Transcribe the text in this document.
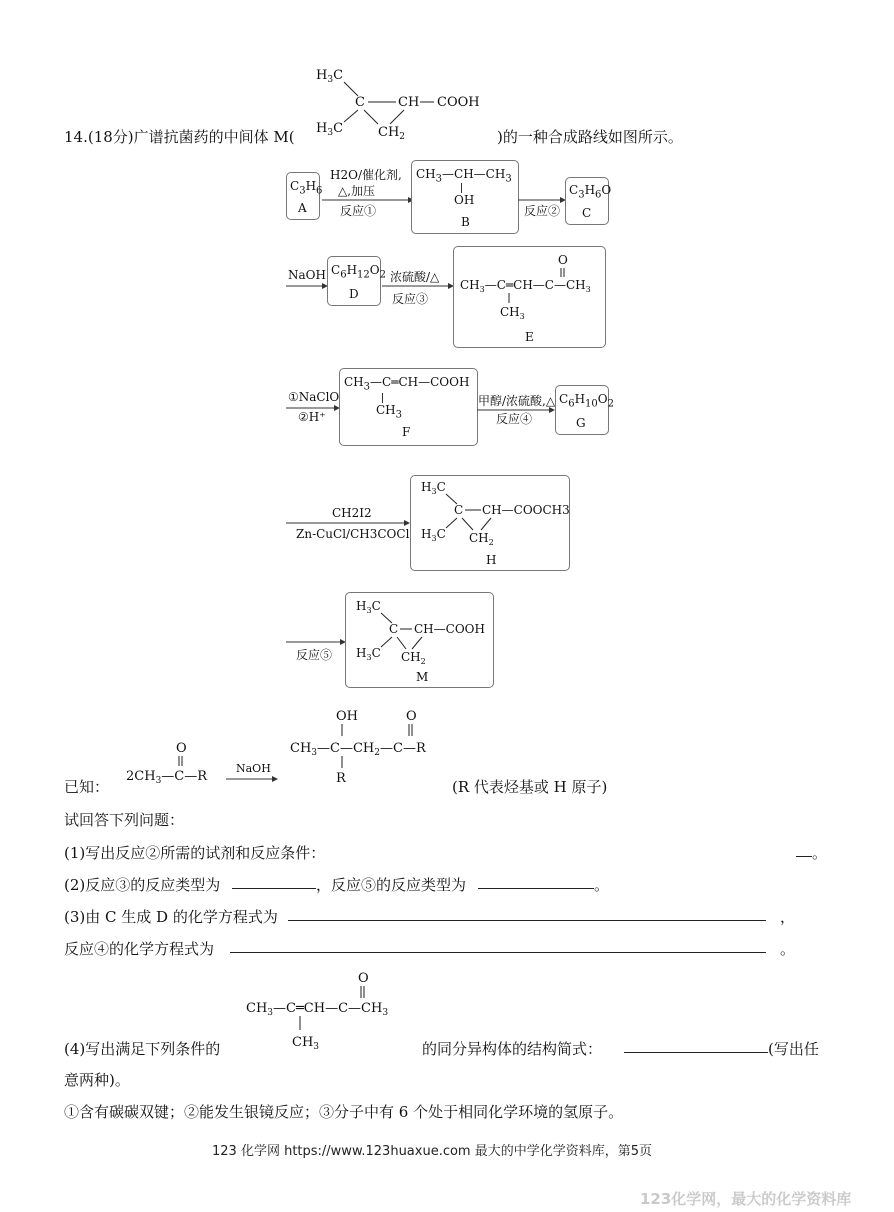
$H_3C$
C	CH COOH
$H_3C$	$CH_2$
14.(18分)广谱抗菌药的中间体 M(	)的一种合成路线如图所示。
$C_3H_6$
A
H2O/催化剂,
△,加压
反应①
$CH_3—CH—CH_3$
OH
B
反应②
$C_3H_6O$
C
NaOH $C_6H_{12}O_2$
D
浓硫酸/△
反应③
O
$CH_3—C═CH—C—CH_3$
$CH_3$
E
①NaClO
②H⁺
$CH_3—C═CH—COOH$
$CH_3$
F
甲醇/浓硫酸,△
反应④
$C_6H_{10}O_2$
G
CH2I2
Zn-CuCl/CH3COCl
$H_3C$
C CH—COOCH3
$H_3C$ $CH_2$
H
反应⑤
$H_3C$
C CH—COOH
$H_3C$ $CH_2$
M
O
$2CH_3—C—R$
NaOH
OH	O
$CH_3—C—CH_2—C—R$
R
已知：	(R 代表烃基或 H 原子)
试回答下列问题：
(1)写出反应②所需的试剂和反应条件：	。
(2)反应③的反应类型为	，反应⑤的反应类型为	。
(3)由 C 生成 D 的化学方程式为	，
反应④的化学方程式为	。
O
$CH_3—C═CH—C—CH_3$
$CH_3$
(4)写出满足下列条件的	的同分异构体的结构简式：	(写出任
意两种)。
①含有碳碳双键；②能发生银镜反应；③分子中有 6 个处于相同化学环境的氢原子。
123 化学网 https://www.123huaxue.com 最大的中学化学资料库，第5页
123化学网，最大的化学资料库
